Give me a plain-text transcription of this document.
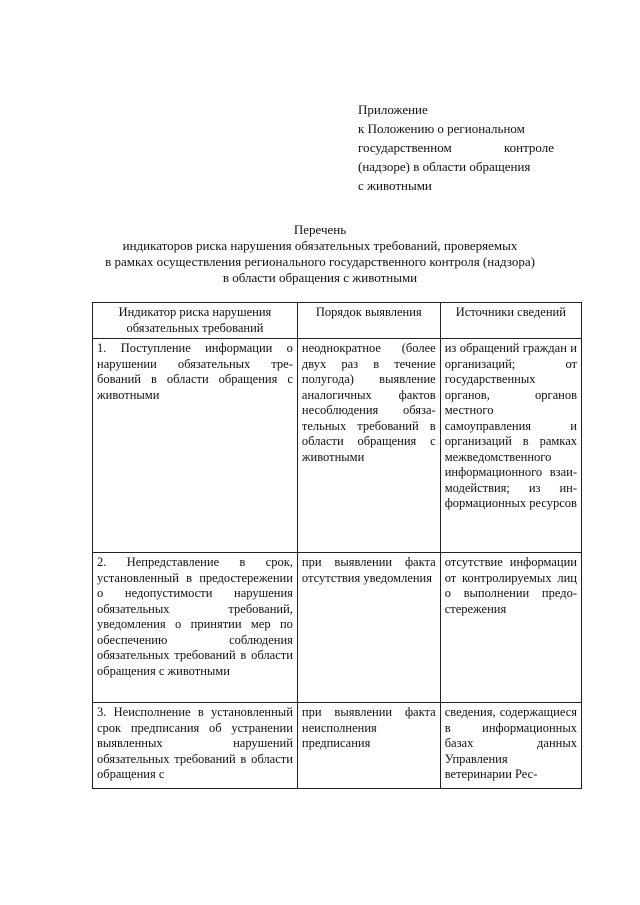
Приложение
к Положению о региональном
государственном	контроле
(надзоре) в области обращения
с животными
Перечень
индикаторов риска нарушения обязательных требований, проверяемых
в рамках осуществления регионального государственного контроля (надзора)
в области обращения с животными
Индикатор риска нарушения обязательных требований	Порядок выявления	Источники сведений
1. Поступление информации о нарушении обязательных требований в области обращения с животными	неоднократное (более двух раз в течение полугода) выявление аналогичных фактов несоблюдения обязательных требований в области обращения с животными	из обращений граждан и организаций; от государственных органов, органов местного самоуправления и организаций в рамках межведомственного информационного взаимодействия; из информационных ресурсов
2. Непредставление в срок, установленный в предостережении о недопустимости нарушения обязательных требований, уведомления о принятии мер по обеспечению соблюдения обязательных требований в области обращения с животными	при выявлении факта отсутствия уведомления	отсутствие информации от контролируемых лиц о выполнении предостережения
3. Неисполнение в установленный срок предписания об устранении выявленных нарушений обязательных требований в области обращения с	при выявлении факта неисполнения предписания	сведения, содержащиеся в информационных базах данных Управления ветеринарии Рес-
